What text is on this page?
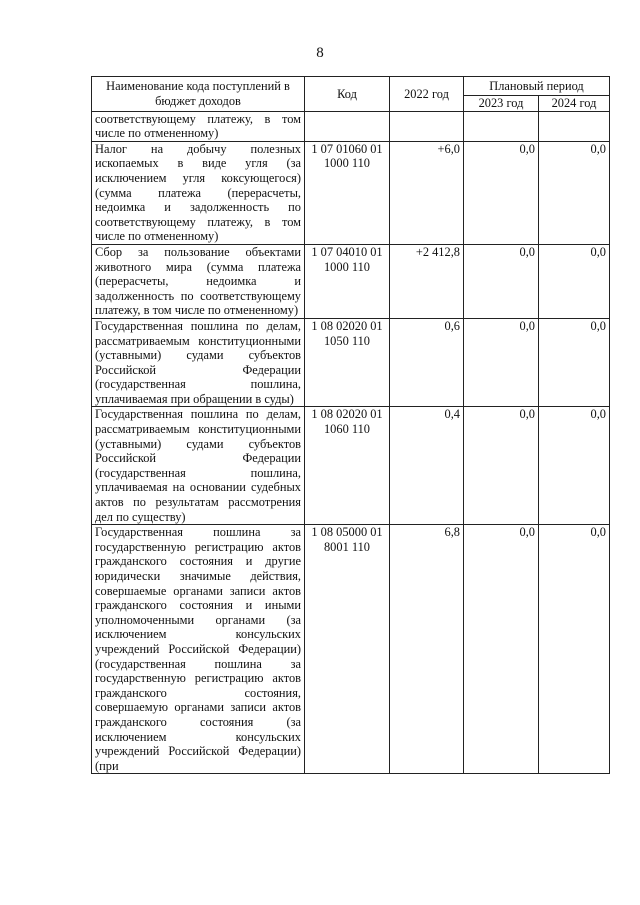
8
Наименование кода поступлений в бюджет доходов	Код	2022 год	Плановый период	
			2023 год	2024 год
соответствующему платежу, в том числе по отмененному)				
Налог на добычу полезных ископаемых в виде угля (за исключением угля коксующегося) (сумма платежа (перерасчеты, недоимка и задолженность по соответствующему платежу, в том числе по отмененному)	1 07 01060 01 1000 110	+6,0	0,0	0,0
Сбор за пользование объектами животного мира (сумма платежа (перерасчеты, недоимка и задолженность по соответствующему платежу, в том числе по отмененному)	1 07 04010 01 1000 110	+2 412,8	0,0	0,0
Государственная пошлина по делам, рассматриваемым конституционными (уставными) судами субъектов Российской Федерации (государственная пошлина, уплачиваемая при обращении в суды)	1 08 02020 01 1050 110	0,6	0,0	0,0
Государственная пошлина по делам, рассматриваемым конституционными (уставными) судами субъектов Российской Федерации (государственная пошлина, уплачиваемая на основании судебных актов по результатам рассмотрения дел по существу)	1 08 02020 01 1060 110	0,4	0,0	0,0
Государственная пошлина за государственную регистрацию актов гражданского состояния и другие юридически значимые действия, совершаемые органами записи актов гражданского состояния и иными уполномоченными органами (за исключением консульских учреждений Российской Федерации) (государственная пошлина за государственную регистрацию актов гражданского состояния, совершаемую органами записи актов гражданского состояния (за исключением консульских учреждений Российской Федерации) (при	1 08 05000 01 8001 110	6,8	0,0	0,0
